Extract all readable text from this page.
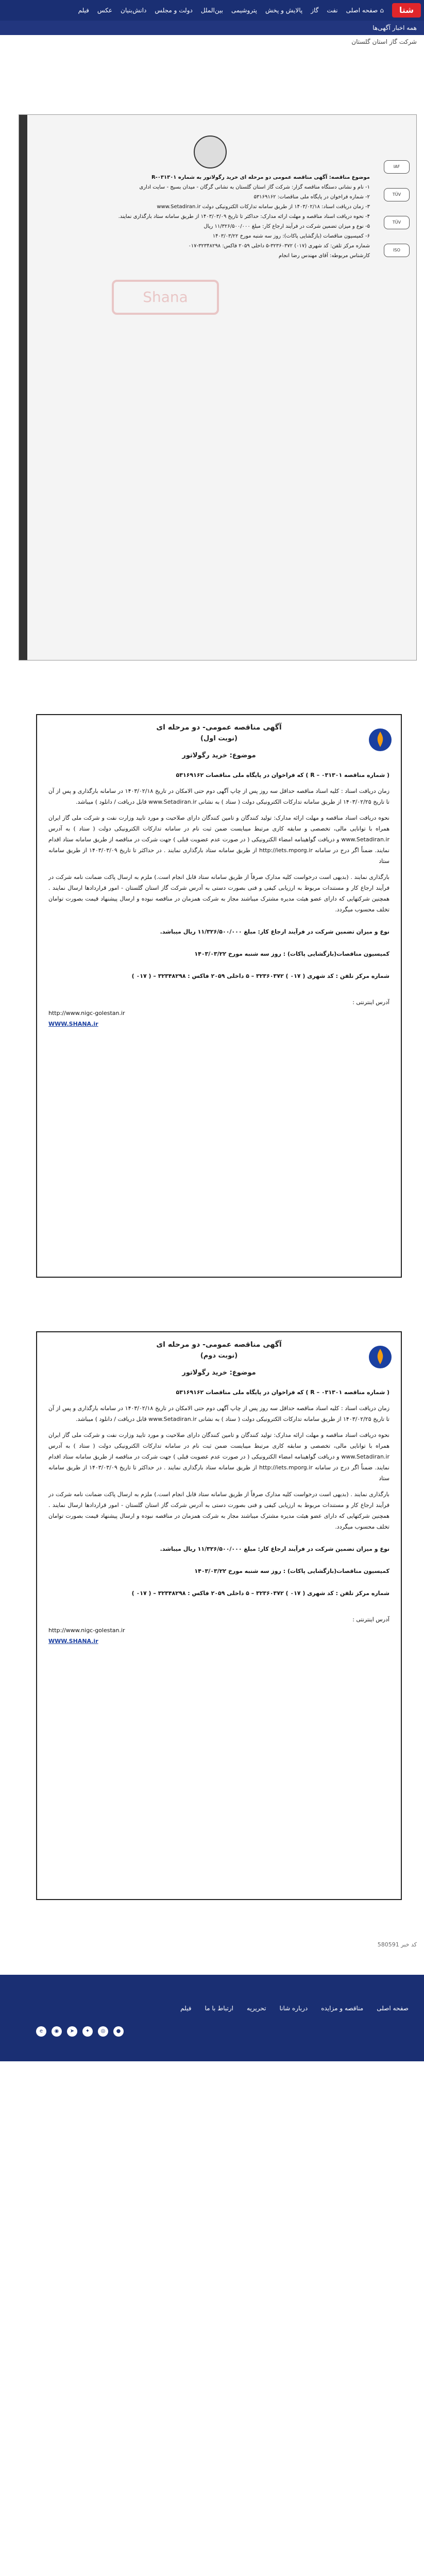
شتا
⌂
صفحه اصلی
نفت
گاز
پالایش و پخش
پتروشیمی
بین‌الملل
دولت و مجلس
دانش‌بنیان
عکس
فیلم
همه اخبار آگهی‌ها
شرکت گاز استان گلستان
Shana
IAF
TÜV
TÜV
ISO
موضوع مناقصه: آگهی مناقصه عمومی دو مرحله ای خرید رگولاتور به شماره R-۰۳۱۳۰۱
۱- نام و نشانی دستگاه مناقصه گزار: شرکت گاز استان گلستان به نشانی گرگان - میدان بسیج - سایت اداری
۲- شماره فراخوان در پایگاه ملی مناقصات: ۵۳۱۶۹۱۶۲
۳- زمان دریافت اسناد: ۱۴۰۳/۰۲/۱۸ از طریق سامانه تدارکات الکترونیکی دولت www.Setadiran.ir
۴- نحوه دریافت اسناد مناقصه و مهلت ارائه مدارک: حداکثر تا تاریخ ۱۴۰۳/۰۳/۰۹ از طریق سامانه ستاد بارگذاری نمایند.
۵- نوع و میزان تضمین شرکت در فرآیند ارجاع کار: مبلغ ۱۱/۳۲۶/۵۰۰/۰۰۰ ریال
۶- کمیسیون مناقصات (بازگشایی پاکات): روز سه شنبه مورخ ۱۴۰۳/۰۳/۲۲
شماره مرکز تلفن: کد شهری (۰۱۷) ۳۲۳۶۰۳۷۲-۵ داخلی ۲۰۵۹ فاکس: ۳۲۳۴۸۲۹۸-۰۱۷
کارشناس مربوطه: آقای مهندس رضا انجام
آگهی مناقصه عمومی- دو مرحله ای
(نوبت اول)
موضوع: خرید رگولاتور
( شماره مناقصه R – ۰۳۱۳۰۱ ) که فراخوان در پایگاه ملی مناقصات ۵۳۱۶۹۱۶۲
زمان دریافت اسناد : کلیه اسناد مناقصه حداقل سه روز پس از چاپ آگهی دوم حتی الامکان در تاریخ ۱۴۰۳/۰۲/۱۸ در سامانه بارگذاری و پس از آن تا تاریخ ۱۴۰۳/۰۲/۲۵ از طریق سامانه تدارکات الکترونیکی دولت ( ستاد ) به نشانی www.Setadiran.ir قابل دریافت / دانلود ) میباشد.
نحوه دریافت اسناد مناقصه و مهلت ارائه مدارک: تولید کنندگان و تامین کنندگان دارای صلاحیت و مورد تایید وزارت نفت و شرکت ملی گاز ایران همراه با توانایی مالی، تخصصی و سابقه کاری مرتبط میبایست ضمن ثبت نام در سامانه تدارکات الکترونیکی دولت ( ستاد ) به آدرس www.Setadiran.ir و دریافت گواهینامه امضاء الکترونیکی ( در صورت عدم عضویت قبلی ) جهت شرکت در مناقصه از طریق سامانه ستاد اقدام نمایند. ضمناً اگر درج در سامانه http://iets.mporg.ir از طریق سامانه ستاد بارگذاری نمایند . در حداکثر تا تاریخ ۱۴۰۳/۰۳/۰۹ از طریق سامانه ستاد
بارگذاری نمایند . (بدیهی است درخواست کلیه مدارک صرفاً از طریق سامانه ستاد قابل انجام است.) ملزم به ارسال پاکت ضمانت نامه شرکت در فرآیند ارجاع کار و مستندات مربوط به ارزیابی کیفی و فنی بصورت دستی به آدرس شرکت گاز استان گلستان - امور قراردادها ارسال نمایند . همچنین شرکتهایی که دارای عضو هیئت مدیره مشترک میباشند مجاز به شرکت همزمان در مناقصه نبوده و ارسال پیشنهاد قیمت بصورت توامان تخلف محسوب میگردد.
نوع و میزان تضمین شرکت در فرآیند ارجاع کار: مبلغ ۱۱/۳۲۶/۵۰۰/۰۰۰ ریال میباشد.
کمیسیون مناقصات(بازگشایی پاکات) : روز سه شنبه مورخ ۱۴۰۳/۰۳/۲۲
شماره مرکز تلفن : کد شهری ( ۰۱۷ ) ۳۲۳۶۰۳۷۲ – ۵ داخلی ۲۰۵۹ فاکس : ۳۲۳۴۸۲۹۸ – ( ۰۱۷ )
آدرس اینترنتی :
http://www.nigc-golestan.ir
WWW.SHANA.ir
آگهی مناقصه عمومی- دو مرحله ای
(نوبت دوم)
موضوع: خرید رگولاتور
( شماره مناقصه R – ۰۳۱۳۰۱ ) که فراخوان در پایگاه ملی مناقصات ۵۳۱۶۹۱۶۲
زمان دریافت اسناد : کلیه اسناد مناقصه حداقل سه روز پس از چاپ آگهی دوم حتی الامکان در تاریخ ۱۴۰۳/۰۲/۱۸ در سامانه بارگذاری و پس از آن تا تاریخ ۱۴۰۳/۰۲/۲۵ از طریق سامانه تدارکات الکترونیکی دولت ( ستاد ) به نشانی www.Setadiran.ir قابل دریافت / دانلود ) میباشد.
نحوه دریافت اسناد مناقصه و مهلت ارائه مدارک: تولید کنندگان و تامین کنندگان دارای صلاحیت و مورد تایید وزارت نفت و شرکت ملی گاز ایران همراه با توانایی مالی، تخصصی و سابقه کاری مرتبط میبایست ضمن ثبت نام در سامانه تدارکات الکترونیکی دولت ( ستاد ) به آدرس www.Setadiran.ir و دریافت گواهینامه امضاء الکترونیکی ( در صورت عدم عضویت قبلی ) جهت شرکت در مناقصه از طریق سامانه ستاد اقدام نمایند. ضمناً اگر درج در سامانه http://iets.mporg.ir از طریق سامانه ستاد بارگذاری نمایند . در حداکثر تا تاریخ ۱۴۰۳/۰۳/۰۹ از طریق سامانه ستاد
بارگذاری نمایند . (بدیهی است درخواست کلیه مدارک صرفاً از طریق سامانه ستاد قابل انجام است.) ملزم به ارسال پاکت ضمانت نامه شرکت در فرآیند ارجاع کار و مستندات مربوط به ارزیابی کیفی و فنی بصورت دستی به آدرس شرکت گاز استان گلستان - امور قراردادها ارسال نمایند . همچنین شرکتهایی که دارای عضو هیئت مدیره مشترک میباشند مجاز به شرکت همزمان در مناقصه نبوده و ارسال پیشنهاد قیمت بصورت توامان تخلف محسوب میگردد.
نوع و میزان تضمین شرکت در فرآیند ارجاع کار: مبلغ ۱۱/۳۲۶/۵۰۰/۰۰۰ ریال میباشد.
کمیسیون مناقصات(بازگشایی پاکات) : روز سه شنبه مورخ ۱۴۰۳/۰۳/۲۲
شماره مرکز تلفن : کد شهری ( ۰۱۷ ) ۳۲۳۶۰۳۷۲ – ۵ داخلی ۲۰۵۹ فاکس : ۳۲۳۴۸۲۹۸ – ( ۰۱۷ )
آدرس اینترنتی :
http://www.nigc-golestan.ir
WWW.SHANA.ir
کد خبر 580591
صفحه اصلی
مناقصه و مزایده
درباره شانا
تحریریه
ارتباط با ما
فیلم
●
◎
✦
➤
◉
e
